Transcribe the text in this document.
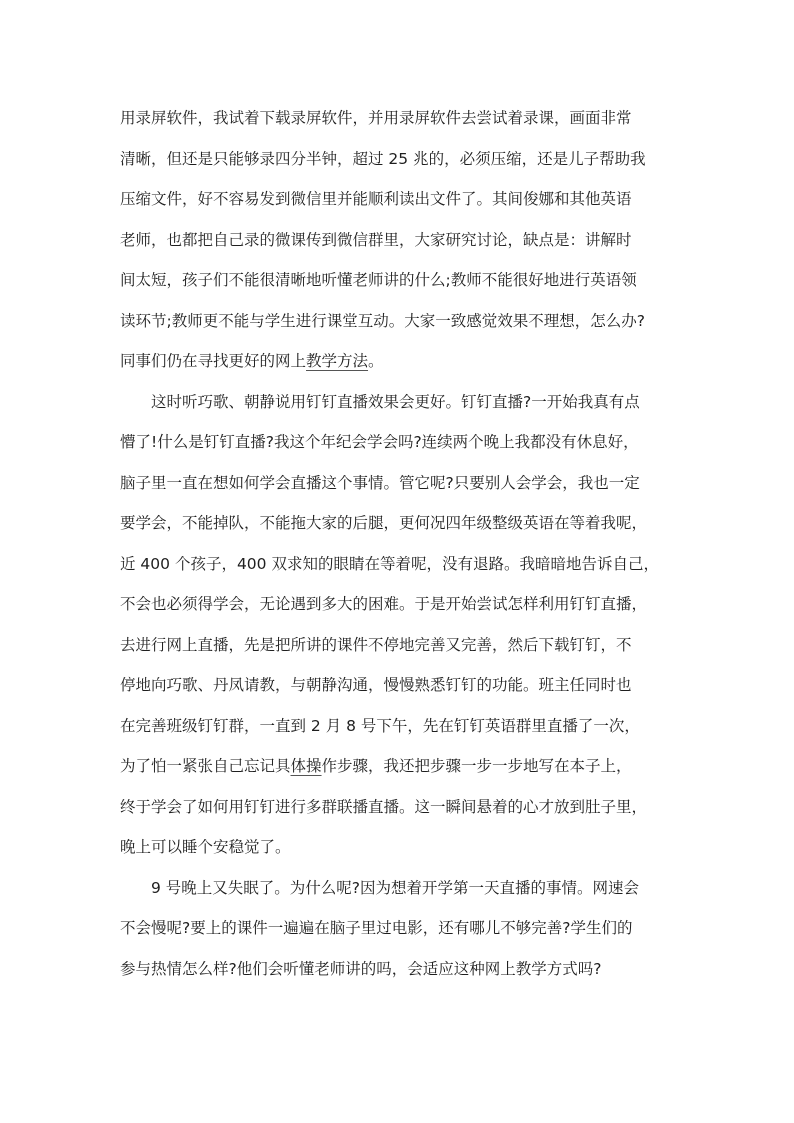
用录屏软件，我试着下载录屏软件，并用录屏软件去尝试着录课，画面非常
清晰，但还是只能够录四分半钟，超过 25 兆的，必须压缩，还是儿子帮助我
压缩文件，好不容易发到微信里并能顺利读出文件了。其间俊娜和其他英语
老师，也都把自己录的微课传到微信群里，大家研究讨论，缺点是：讲解时
间太短，孩子们不能很清晰地听懂老师讲的什么;教师不能很好地进行英语领
读环节;教师更不能与学生进行课堂互动。大家一致感觉效果不理想，怎么办?
同事们仍在寻找更好的网上教学方法。
这时听巧歌、朝静说用钉钉直播效果会更好。钉钉直播?一开始我真有点
懵了!什么是钉钉直播?我这个年纪会学会吗?连续两个晚上我都没有休息好，
脑子里一直在想如何学会直播这个事情。管它呢?只要别人会学会，我也一定
要学会，不能掉队，不能拖大家的后腿，更何况四年级整级英语在等着我呢，
近 400 个孩子，400 双求知的眼睛在等着呢，没有退路。我暗暗地告诉自己，
不会也必须得学会，无论遇到多大的困难。于是开始尝试怎样利用钉钉直播，
去进行网上直播，先是把所讲的课件不停地完善又完善，然后下载钉钉，不
停地向巧歌、丹凤请教，与朝静沟通，慢慢熟悉钉钉的功能。班主任同时也
在完善班级钉钉群，一直到 2 月 8 号下午，先在钉钉英语群里直播了一次，
为了怕一紧张自己忘记具体操作步骤，我还把步骤一步一步地写在本子上，
终于学会了如何用钉钉进行多群联播直播。这一瞬间悬着的心才放到肚子里，
晚上可以睡个安稳觉了。
9 号晚上又失眠了。为什么呢?因为想着开学第一天直播的事情。网速会
不会慢呢?要上的课件一遍遍在脑子里过电影，还有哪儿不够完善?学生们的
参与热情怎么样?他们会听懂老师讲的吗，会适应这种网上教学方式吗?
